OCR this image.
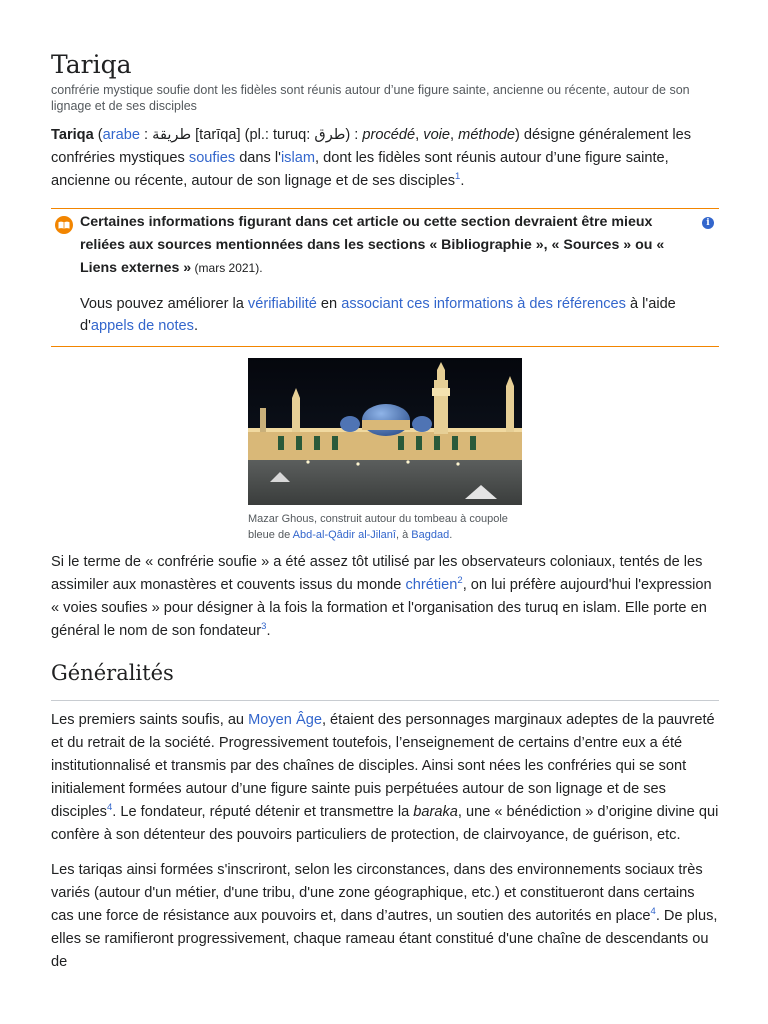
Tariqa

confrérie mystique soufie dont les fidèles sont réunis autour d’une figure sainte, ancienne ou récente, autour de son lignage et de ses disciples

Tariqa (arabe : طريقة [tarīqa] (pl.: turuq: طرق) : procédé, voie, méthode) désigne généralement les confréries mystiques soufies dans l'islam, dont les fidèles sont réunis autour d’une figure sainte, ancienne ou récente, autour de son lignage et de ses disciples$^1$.

Certaines informations figurant dans cet article ou cette section devraient être mieux reliées aux sources mentionnées dans les sections « Bibliographie », « Sources » ou « Liens externes » (mars 2021).

i

Vous pouvez améliorer la vérifiabilité en associant ces informations à des références à l'aide d'appels de notes.

Mazar Ghous, construit autour du tombeau à coupole bleue de Abd-al-Qâdir al-Jilanî, à Bagdad.

Si le terme de « confrérie soufie » a été assez tôt utilisé par les observateurs coloniaux, tentés de les assimiler aux monastères et couvents issus du monde chrétien$^2$, on lui préfère aujourd'hui l'expression « voies soufies » pour désigner à la fois la formation et l'organisation des turuq en islam. Elle porte en général le nom de son fondateur$^3$.

Généralités

Les premiers saints soufis, au Moyen Âge, étaient des personnages marginaux adeptes de la pauvreté et du retrait de la société. Progressivement toutefois, l’enseignement de certains d’entre eux a été institutionnalisé et transmis par des chaînes de disciples. Ainsi sont nées les confréries qui se sont initialement formées autour d’une figure sainte puis perpétuées autour de son lignage et de ses disciples$^4$. Le fondateur, réputé détenir et transmettre la baraka, une « bénédiction » d’origine divine qui confère à son détenteur des pouvoirs particuliers de protection, de clairvoyance, de guérison, etc.

Les tariqas ainsi formées s'inscriront, selon les circonstances, dans des environnements sociaux très variés (autour d'un métier, d'une tribu, d'une zone géographique, etc.) et constitueront dans certains cas une force de résistance aux pouvoirs et, dans d’autres, un soutien des autorités en place$^4$. De plus, elles se ramifieront progressivement, chaque rameau étant constitué d'une chaîne de descendants ou de
